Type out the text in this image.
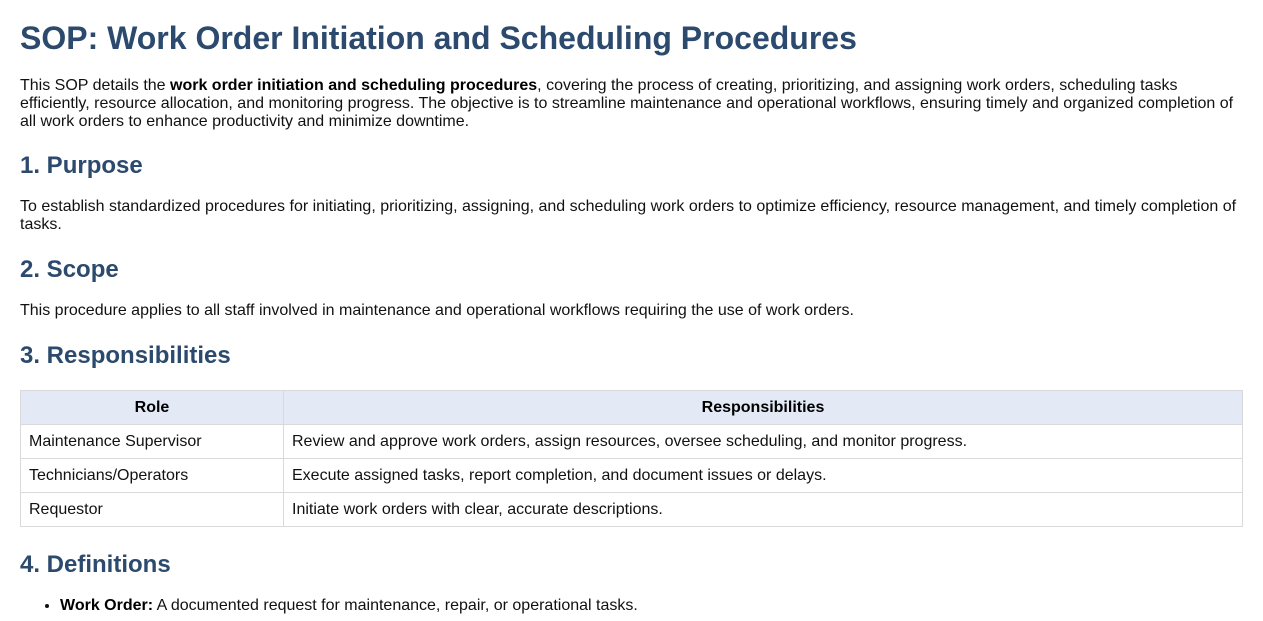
SOP: Work Order Initiation and Scheduling Procedures

This SOP details the work order initiation and scheduling procedures, covering the process of creating, prioritizing, and assigning work orders, scheduling tasks efficiently, resource allocation, and monitoring progress. The objective is to streamline maintenance and operational workflows, ensuring timely and organized completion of all work orders to enhance productivity and minimize downtime.

1. Purpose

To establish standardized procedures for initiating, prioritizing, assigning, and scheduling work orders to optimize efficiency, resource management, and timely completion of tasks.

2. Scope

This procedure applies to all staff involved in maintenance and operational workflows requiring the use of work orders.

3. Responsibilities
Role	Responsibilities
Maintenance Supervisor	Review and approve work orders, assign resources, oversee scheduling, and monitor progress.
Technicians/Operators	Execute assigned tasks, report completion, and document issues or delays.
Requestor	Initiate work orders with clear, accurate descriptions.
4. Definitions
• Work Order: A documented request for maintenance, repair, or operational tasks.
